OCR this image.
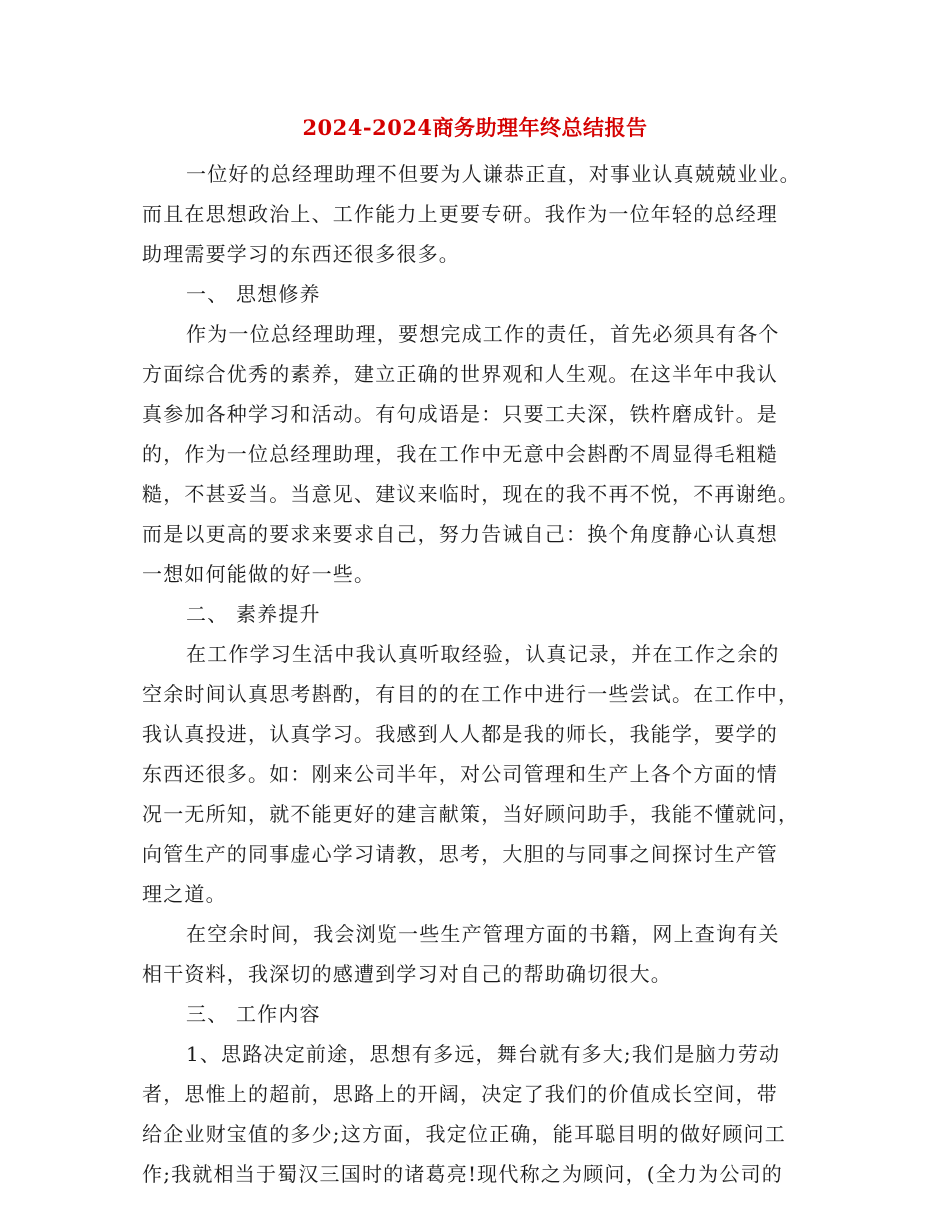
2024-2024商务助理年终总结报告
一位好的总经理助理不但要为人谦恭正直，对事业认真兢兢业业。
而且在思想政治上、工作能力上更要专研。我作为一位年轻的总经理
助理需要学习的东西还很多很多。
一、 思想修养
作为一位总经理助理，要想完成工作的责任，首先必须具有各个
方面综合优秀的素养，建立正确的世界观和人生观。在这半年中我认
真参加各种学习和活动。有句成语是：只要工夫深，铁杵磨成针。是
的，作为一位总经理助理，我在工作中无意中会斟酌不周显得毛粗糙
糙，不甚妥当。当意见、建议来临时，现在的我不再不悦，不再谢绝。
而是以更高的要求来要求自己，努力告诫自己：换个角度静心认真想
一想如何能做的好一些。
二、 素养提升
在工作学习生活中我认真听取经验，认真记录，并在工作之余的
空余时间认真思考斟酌，有目的的在工作中进行一些尝试。在工作中，
我认真投进，认真学习。我感到人人都是我的师长，我能学，要学的
东西还很多。如：刚来公司半年，对公司管理和生产上各个方面的情
况一无所知，就不能更好的建言献策，当好顾问助手，我能不懂就问，
向管生产的同事虚心学习请教，思考，大胆的与同事之间探讨生产管
理之道。
在空余时间，我会浏览一些生产管理方面的书籍，网上查询有关
相干资料，我深切的感遭到学习对自己的帮助确切很大。
三、 工作内容
1、思路决定前途，思想有多远，舞台就有多大;我们是脑力劳动
者，思惟上的超前，思路上的开阔，决定了我们的价值成长空间，带
给企业财宝值的多少;这方面，我定位正确，能耳聪目明的做好顾问工
作;我就相当于蜀汉三国时的诸葛亮!现代称之为顾问，(全力为公司的
